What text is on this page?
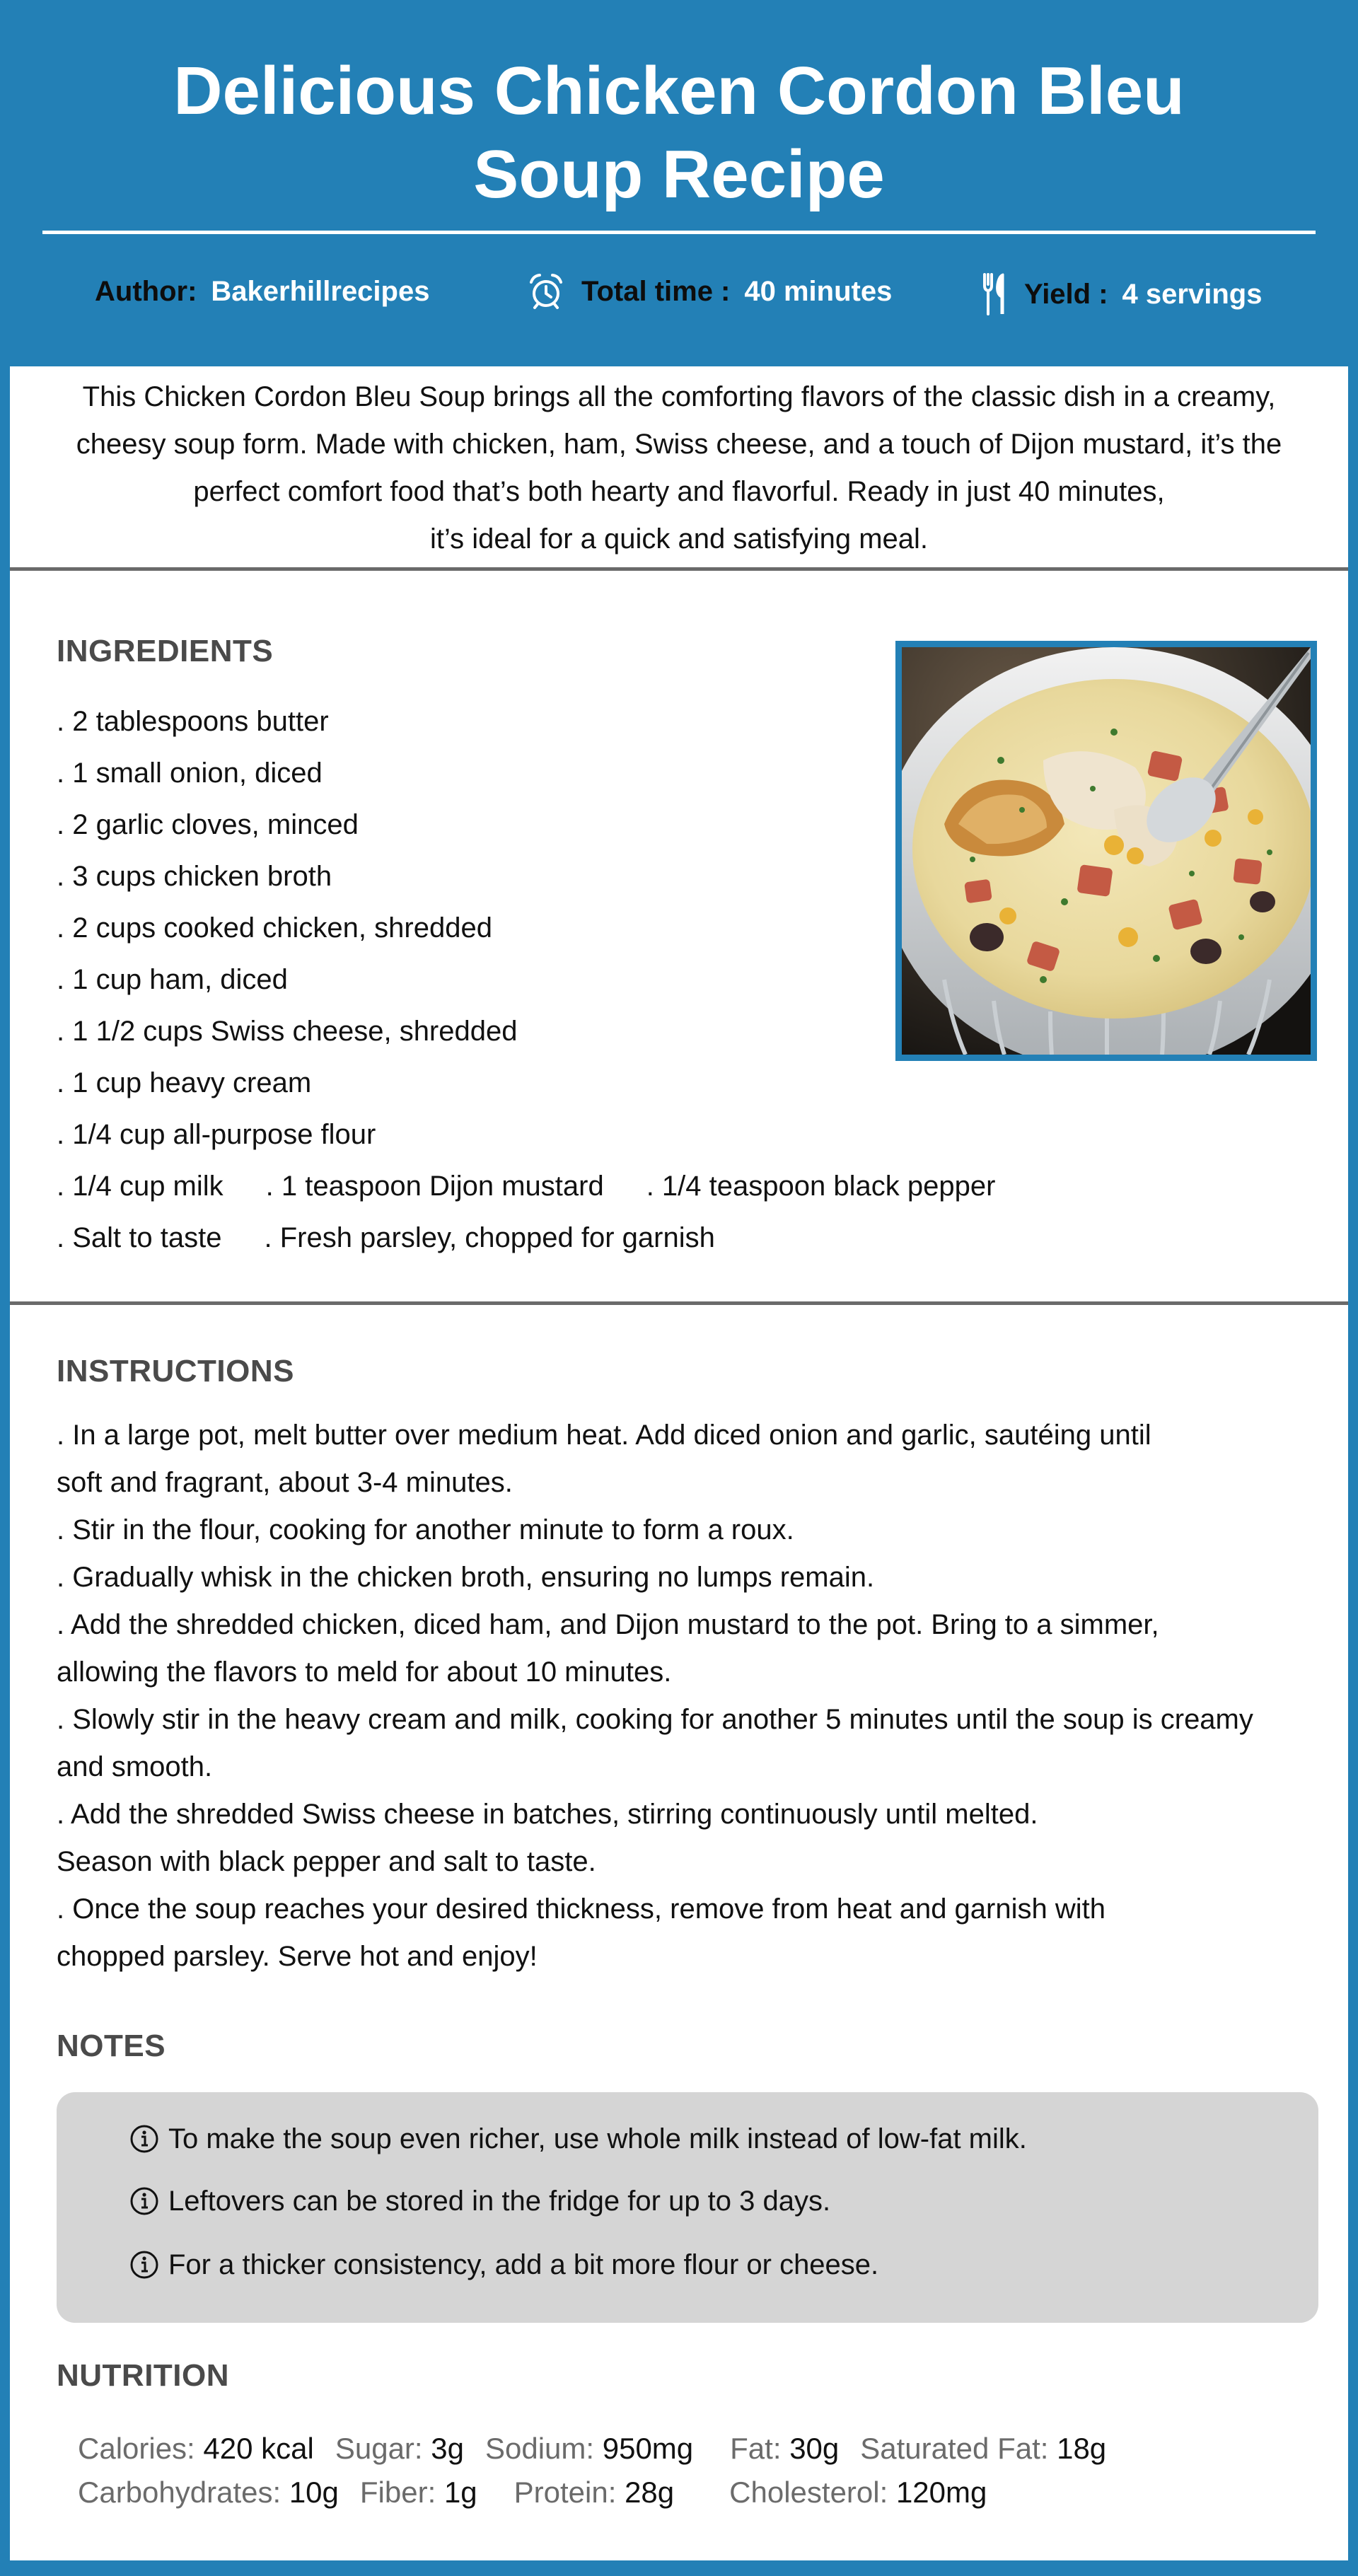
Delicious Chicken Cordon Bleu
Soup Recipe
Author: Bakerhillrecipes	Total time : 40 minutes	Yield : 4 servings
This Chicken Cordon Bleu Soup brings all the comforting flavors of the classic dish in a creamy,
cheesy soup form. Made with chicken, ham, Swiss cheese, and a touch of Dijon mustard, it’s the
perfect comfort food that’s both hearty and flavorful. Ready in just 40 minutes,
it’s ideal for a quick and satisfying meal.
INGREDIENTS
. 2 tablespoons butter
. 1 small onion, diced
. 2 garlic cloves, minced
. 3 cups chicken broth
. 2 cups cooked chicken, shredded
. 1 cup ham, diced
. 1 1/2 cups Swiss cheese, shredded
. 1 cup heavy cream
. 1/4 cup all-purpose flour
. 1/4 cup milk . 1 teaspoon Dijon mustard . 1/4 teaspoon black pepper
. Salt to taste . Fresh parsley, chopped for garnish
INSTRUCTIONS
. In a large pot, melt butter over medium heat. Add diced onion and garlic, sautéing until
soft and fragrant, about 3-4 minutes.
. Stir in the flour, cooking for another minute to form a roux.
. Gradually whisk in the chicken broth, ensuring no lumps remain.
. Add the shredded chicken, diced ham, and Dijon mustard to the pot. Bring to a simmer,
allowing the flavors to meld for about 10 minutes.
. Slowly stir in the heavy cream and milk, cooking for another 5 minutes until the soup is creamy
and smooth.
. Add the shredded Swiss cheese in batches, stirring continuously until melted.
Season with black pepper and salt to taste.
. Once the soup reaches your desired thickness, remove from heat and garnish with
chopped parsley. Serve hot and enjoy!
NOTES
To make the soup even richer, use whole milk instead of low-fat milk.
Leftovers can be stored in the fridge for up to 3 days.
For a thicker consistency, add a bit more flour or cheese.
NUTRITION
Calories: 420 kcal Sugar: 3g Sodium: 950mg Fat: 30g Saturated Fat: 18g
Carbohydrates: 10g Fiber: 1g Protein: 28g Cholesterol: 120mg
